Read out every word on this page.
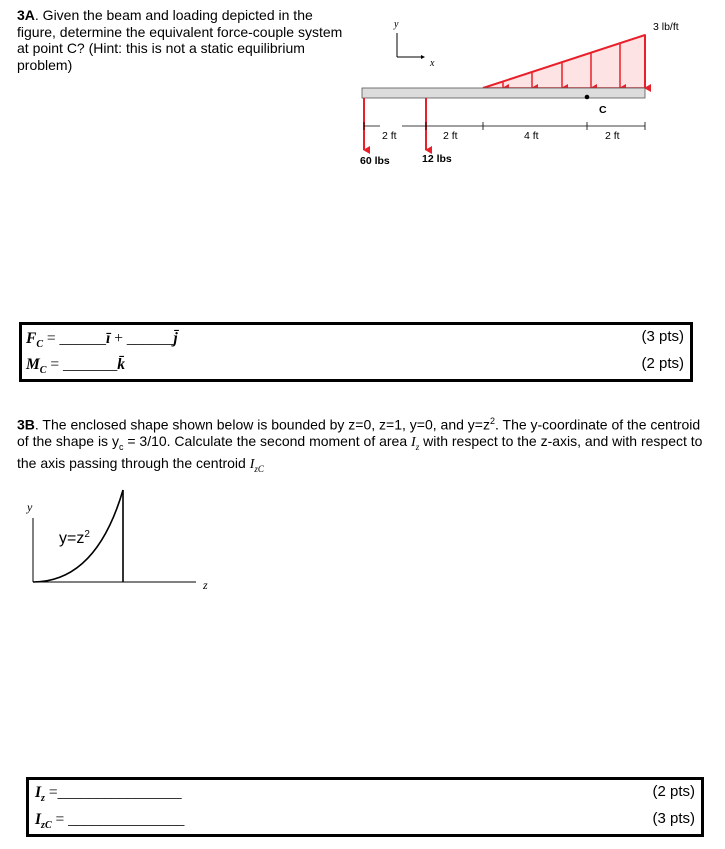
3A. Given the beam and loading depicted in the figure, determine the equivalent force-couple system at point C? (Hint: this is not a static equilibrium problem)
y
x
3 lb/ft
C
60 lbs	12 lbs
2 ft	2 ft	4 ft	2 ft
$F_C$ = ______ī + ______j̄
$M_C$ = _______k̄
(3 pts)
(2 pts)
3B. The enclosed shape shown below is bounded by z=0, z=1, y=0, and $y=z^2$. The y-coordinate of the centroid of the shape is $y_c = 3/10$. Calculate the second moment of area $I_z$ with respect to the z-axis, and with respect to the axis passing through the centroid $I_{zC}$
y
$y=z^2$
z
$I_z$ =________________
$I_{zC}$ = _______________
(2 pts)
(3 pts)
